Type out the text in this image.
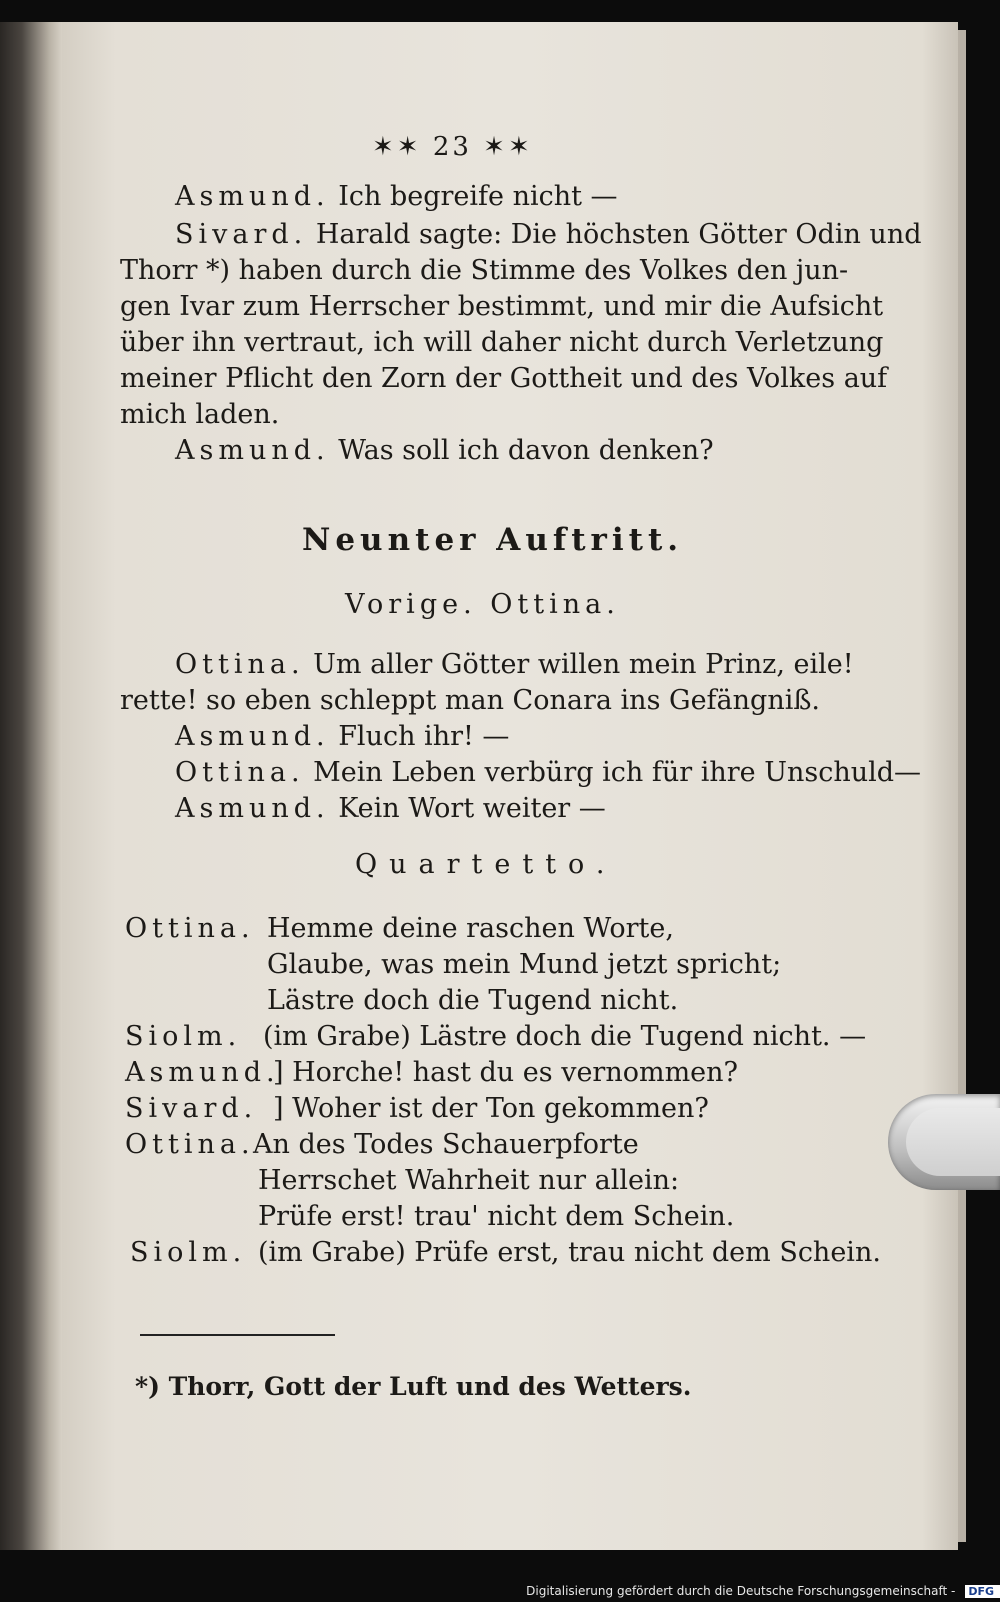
✶✶ 23 ✶✶
Asmund. Ich begreife nicht —
Sivard. Harald sagte: Die höchsten Götter Odin und
Thorr *) haben durch die Stimme des Volkes den jun-
gen Ivar zum Herrscher bestimmt, und mir die Aufsicht
über ihn vertraut, ich will daher nicht durch Verletzung
meiner Pflicht den Zorn der Gottheit und des Volkes auf
mich laden.
Asmund. Was soll ich davon denken?
Neunter Auftritt.
Vorige. Ottina.
Ottina. Um aller Götter willen mein Prinz, eile!
rette! so eben schleppt man Conara ins Gefängniß.
Asmund. Fluch ihr! —
Ottina. Mein Leben verbürg ich für ihre Unschuld—
Asmund. Kein Wort weiter —
Quartetto.
Ottina. Hemme deine raschen Worte,
Glaube, was mein Mund jetzt spricht;
Lästre doch die Tugend nicht.
Siolm. (im Grabe) Lästre doch die Tugend nicht. —
Asmund.] Horche! hast du es vernommen?
Sivard. ] Woher ist der Ton gekommen?
Ottina.An des Todes Schauerpforte
Herrschet Wahrheit nur allein:
Prüfe erst! trau' nicht dem Schein.
Siolm. (im Grabe) Prüfe erst, trau nicht dem Schein.
*) Thorr, Gott der Luft und des Wetters.
Digitalisierung gefördert durch die Deutsche Forschungsgemeinschaft - DFG
